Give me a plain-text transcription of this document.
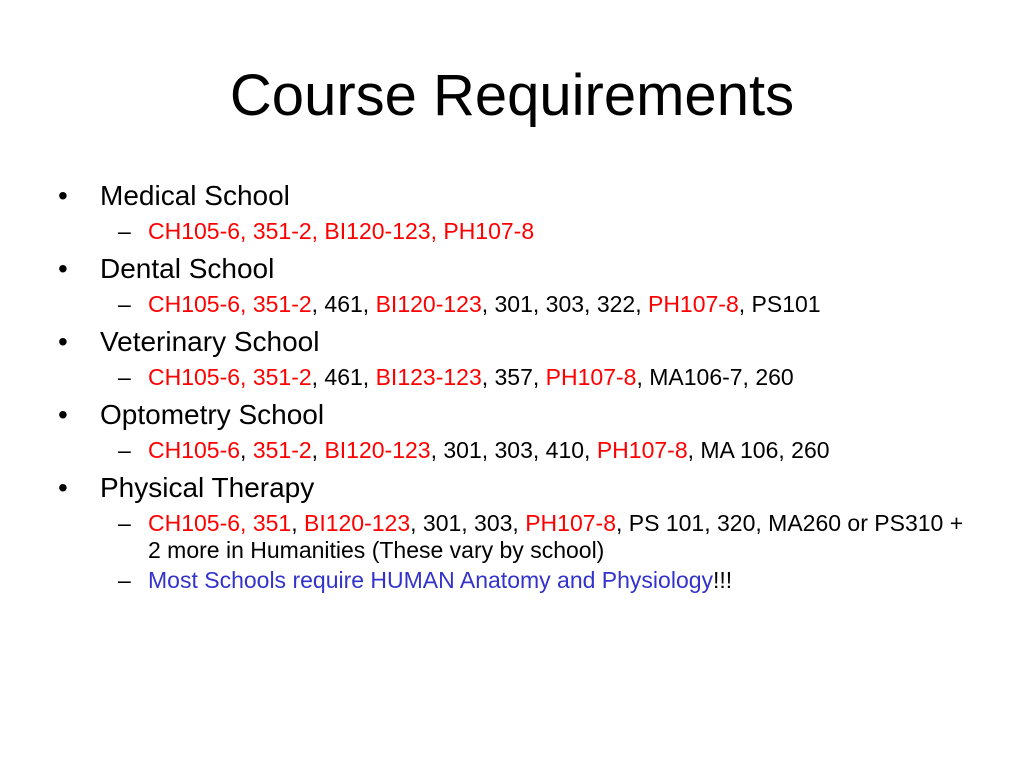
Course Requirements
• Medical School
– CH105-6, 351-2, BI120-123, PH107-8
• Dental School
– CH105-6, 351-2, 461, BI120-123, 301, 303, 322, PH107-8, PS101
• Veterinary School
– CH105-6, 351-2, 461, BI123-123, 357, PH107-8, MA106-7, 260
• Optometry School
– CH105-6, 351-2, BI120-123, 301, 303, 410, PH107-8, MA 106, 260
• Physical Therapy
– CH105-6, 351, BI120-123, 301, 303, PH107-8, PS 101, 320, MA260 or PS310 + 2 more in Humanities (These vary by school)
– Most Schools require HUMAN Anatomy and Physiology!!!
